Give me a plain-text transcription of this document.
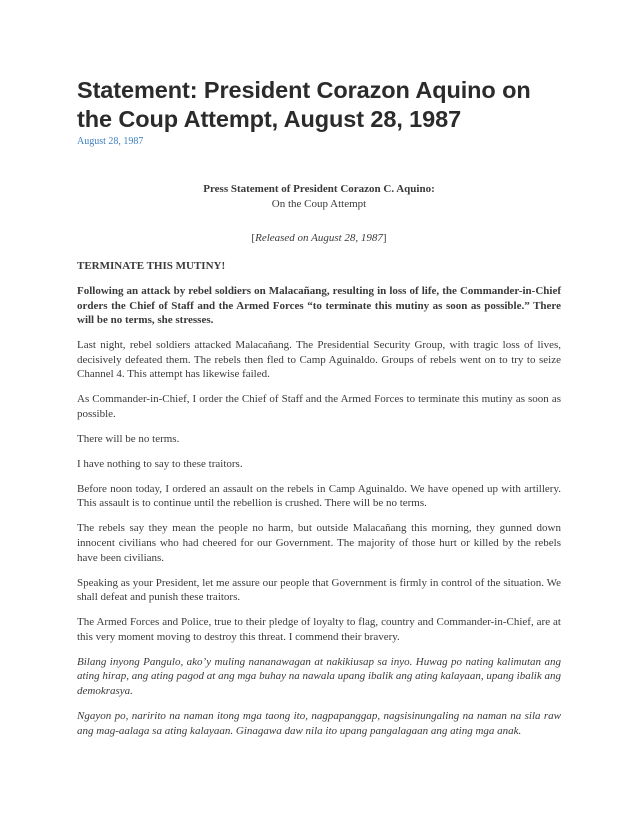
Statement: President Corazon Aquino on the Coup Attempt, August 28, 1987
August 28, 1987
Press Statement of President Corazon C. Aquino:
On the Coup Attempt
[Released on August 28, 1987]

TERMINATE THIS MUTINY!

Following an attack by rebel soldiers on Malacañang, resulting in loss of life, the Commander-in-Chief orders the Chief of Staff and the Armed Forces “to terminate this mutiny as soon as possible.” There will be no terms, she stresses.

Last night, rebel soldiers attacked Malacañang. The Presidential Security Group, with tragic loss of lives, decisively defeated them. The rebels then fled to Camp Aguinaldo. Groups of rebels went on to try to seize Channel 4. This attempt has likewise failed.

As Commander-in-Chief, I order the Chief of Staff and the Armed Forces to terminate this mutiny as soon as possible.

There will be no terms.

I have nothing to say to these traitors.

Before noon today, I ordered an assault on the rebels in Camp Aguinaldo. We have opened up with artillery. This assault is to continue until the rebellion is crushed. There will be no terms.

The rebels say they mean the people no harm, but outside Malacañang this morning, they gunned down innocent civilians who had cheered for our Government. The majority of those hurt or killed by the rebels have been civilians.

Speaking as your President, let me assure our people that Government is firmly in control of the situation. We shall defeat and punish these traitors.

The Armed Forces and Police, true to their pledge of loyalty to flag, country and Commander-in-Chief, are at this very moment moving to destroy this threat. I commend their bravery.

Bilang inyong Pangulo, ako’y muling nananawagan at nakikiusap sa inyo. Huwag po nating kalimutan ang ating hirap, ang ating pagod at ang mga buhay na nawala upang ibalik ang ating kalayaan, upang ibalik ang demokrasya.

Ngayon po, naririto na naman itong mga taong ito, nagpapanggap, nagsisinungaling na naman na sila raw ang mag-aalaga sa ating kalayaan. Ginagawa daw nila ito upang pangalagaan ang ating mga anak.
